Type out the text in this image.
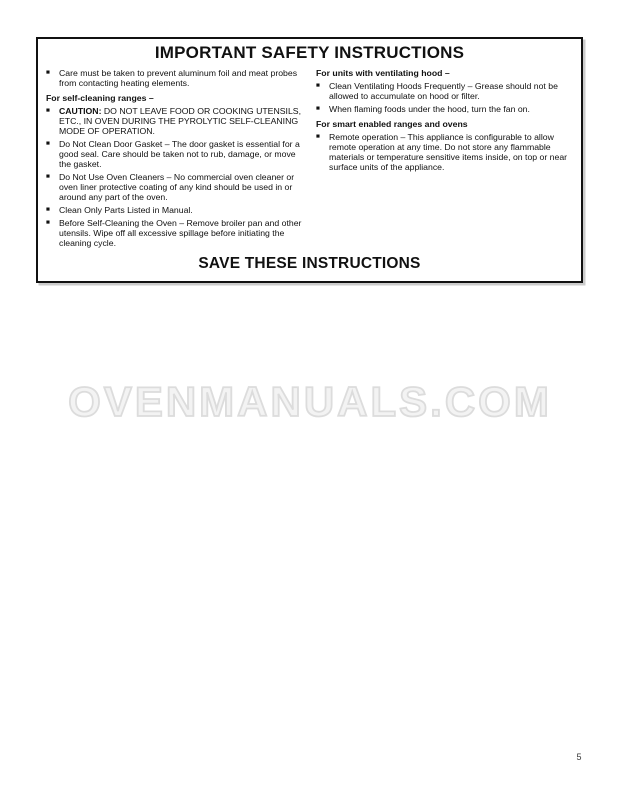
IMPORTANT SAFETY INSTRUCTIONS
■	Care must be taken to prevent aluminum foil and meat probes from contacting heating elements.
For self-cleaning ranges –
■	CAUTION: DO NOT LEAVE FOOD OR COOKING UTENSILS, ETC., IN OVEN DURING THE PYROLYTIC SELF-CLEANING MODE OF OPERATION.
■	Do Not Clean Door Gasket – The door gasket is essential for a good seal. Care should be taken not to rub, damage, or move the gasket.
■	Do Not Use Oven Cleaners – No commercial oven cleaner or oven liner protective coating of any kind should be used in or around any part of the oven.
■	Clean Only Parts Listed in Manual.
■	Before Self-Cleaning the Oven – Remove broiler pan and other utensils. Wipe off all excessive spillage before initiating the cleaning cycle.
For units with ventilating hood –
■	Clean Ventilating Hoods Frequently – Grease should not be allowed to accumulate on hood or filter.
■	When flaming foods under the hood, turn the fan on.
For smart enabled ranges and ovens
■	Remote operation – This appliance is configurable to allow remote operation at any time. Do not store any flammable materials or temperature sensitive items inside, on top or near surface units of the appliance.
SAVE THESE INSTRUCTIONS
OVENMANUALS.COM
5
